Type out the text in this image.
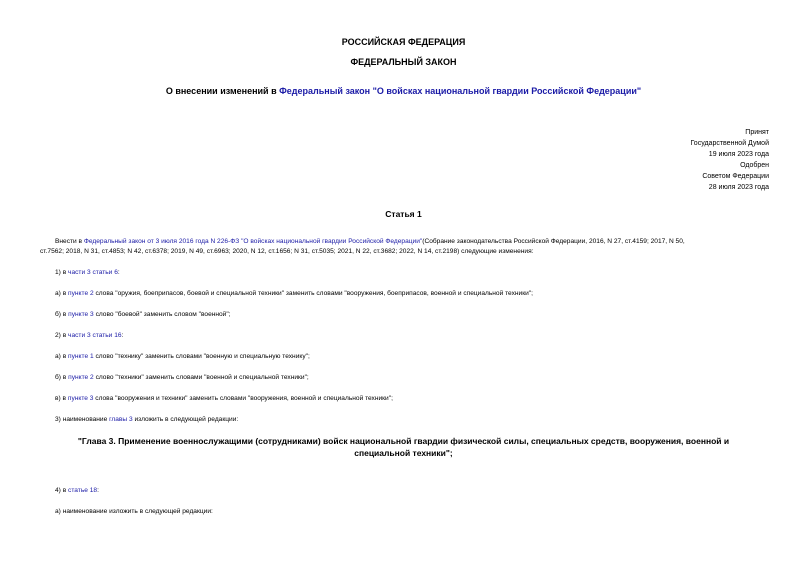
РОССИЙСКАЯ ФЕДЕРАЦИЯ
ФЕДЕРАЛЬНЫЙ ЗАКОН
О внесении изменений в Федеральный закон "О войсках национальной гвардии Российской Федерации"
Принят
Государственной Думой
19 июля 2023 года
Одобрен
Советом Федерации
28 июля 2023 года
Статья 1
Внести в Федеральный закон от 3 июля 2016 года N 226-ФЗ "О войсках национальной гвардии Российской Федерации"(Собрание законодательства Российской Федерации, 2016, N 27, ст.4159; 2017, N 50,
ст.7562; 2018, N 31, ст.4853; N 42, ст.6378; 2019, N 49, ст.6963; 2020, N 12, ст.1656; N 31, ст.5035; 2021, N 22, ст.3682; 2022, N 14, ст.2198) следующие изменения:
1) в части 3 статьи 6:
а) в пункте 2 слова "оружия, боеприпасов, боевой и специальной техники" заменить словами "вооружения, боеприпасов, военной и специальной техники";
б) в пункте 3 слово "боевой" заменить словом "военной";
2) в части 3 статьи 16:
а) в пункте 1 слово "технику" заменить словами "военную и специальную технику";
б) в пункте 2 слово "техники" заменить словами "военной и специальной техники";
в) в пункте 3 слова "вооружения и техники" заменить словами "вооружения, военной и специальной техники";
3) наименование главы 3 изложить в следующей редакции:
"Глава 3. Применение военнослужащими (сотрудниками) войск национальной гвардии физической силы, специальных средств, вооружения, военной и
специальной техники";
4) в статье 18:
а) наименование изложить в следующей редакции:
